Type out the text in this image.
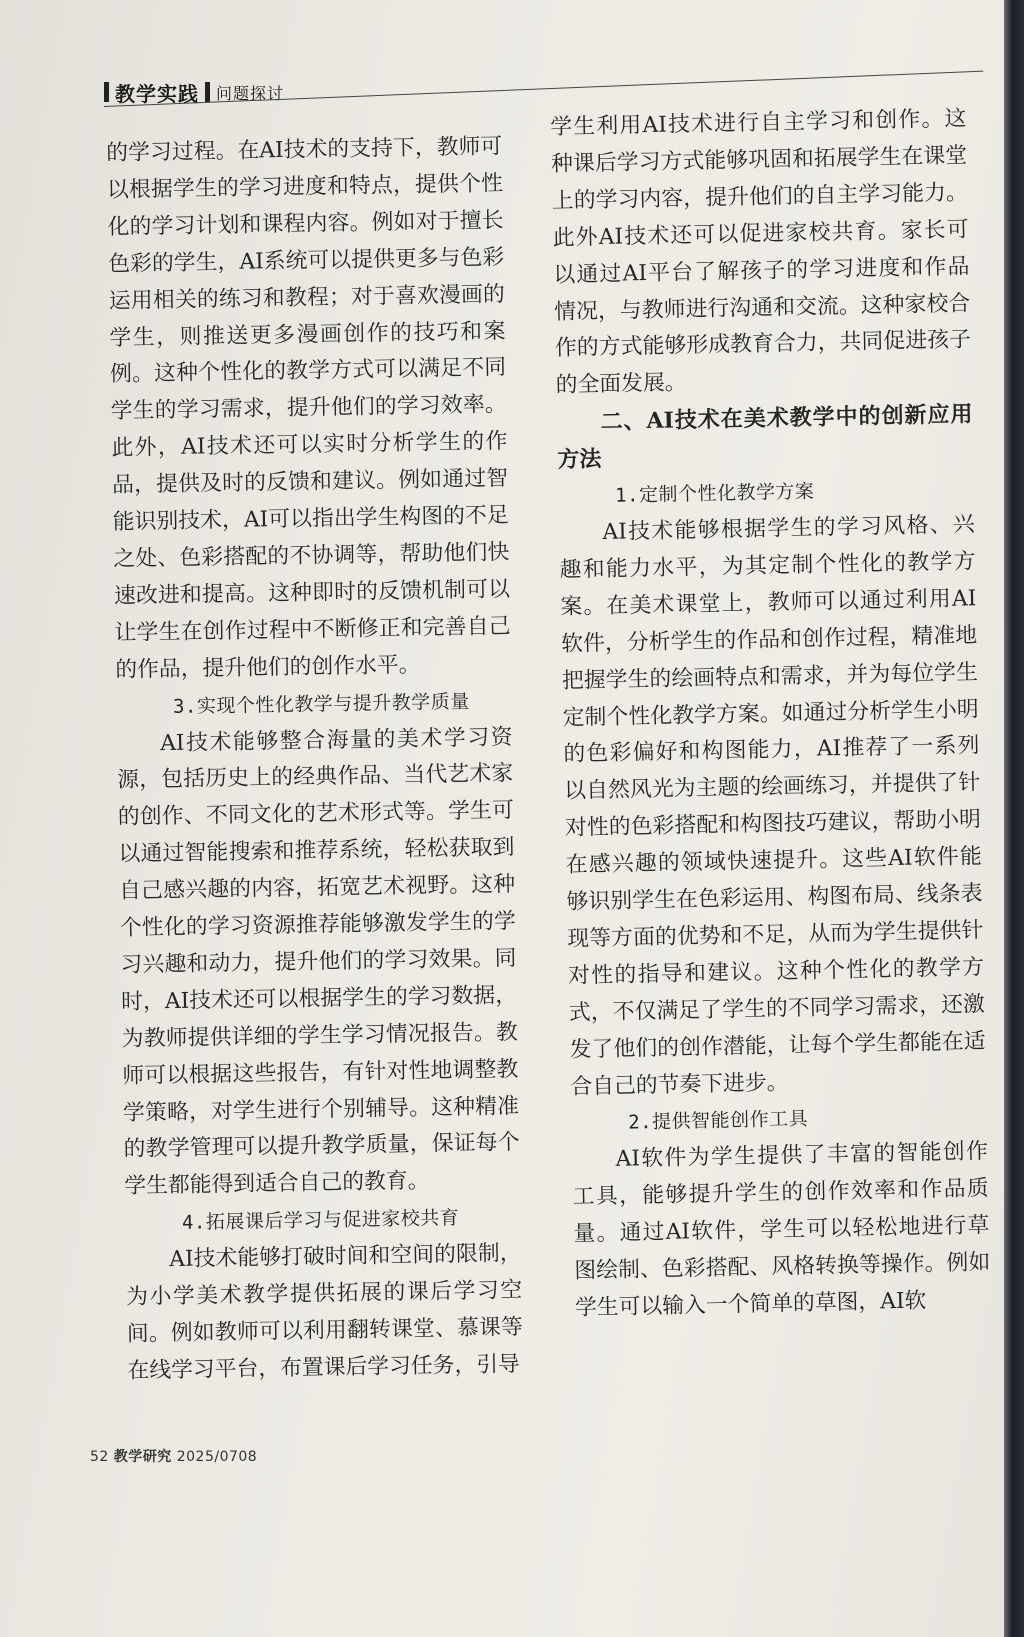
教学实践 问题探讨

的学习过程。在AI技术的支持下，教师可以根据学生的学习进度和特点，提供个性化的学习计划和课程内容。例如对于擅长色彩的学生，AI系统可以提供更多与色彩运用相关的练习和教程；对于喜欢漫画的学生，则推送更多漫画创作的技巧和案例。这种个性化的教学方式可以满足不同学生的学习需求，提升他们的学习效率。此外，AI技术还可以实时分析学生的作品，提供及时的反馈和建议。例如通过智能识别技术，AI可以指出学生构图的不足之处、色彩搭配的不协调等，帮助他们快速改进和提高。这种即时的反馈机制可以让学生在创作过程中不断修正和完善自己的作品，提升他们的创作水平。

3.实现个性化教学与提升教学质量

AI技术能够整合海量的美术学习资源，包括历史上的经典作品、当代艺术家的创作、不同文化的艺术形式等。学生可以通过智能搜索和推荐系统，轻松获取到自己感兴趣的内容，拓宽艺术视野。这种个性化的学习资源推荐能够激发学生的学习兴趣和动力，提升他们的学习效果。同时，AI技术还可以根据学生的学习数据，为教师提供详细的学生学习情况报告。教师可以根据这些报告，有针对性地调整教学策略，对学生进行个别辅导。这种精准的教学管理可以提升教学质量，保证每个学生都能得到适合自己的教育。

4.拓展课后学习与促进家校共育

AI技术能够打破时间和空间的限制，为小学美术教学提供拓展的课后学习空间。例如教师可以利用翻转课堂、慕课等在线学习平台，布置课后学习任务，引导

学生利用AI技术进行自主学习和创作。这种课后学习方式能够巩固和拓展学生在课堂上的学习内容，提升他们的自主学习能力。此外AI技术还可以促进家校共育。家长可以通过AI平台了解孩子的学习进度和作品情况，与教师进行沟通和交流。这种家校合作的方式能够形成教育合力，共同促进孩子的全面发展。

二、AI技术在美术教学中的创新应用方法

1.定制个性化教学方案

AI技术能够根据学生的学习风格、兴趣和能力水平，为其定制个性化的教学方案。在美术课堂上，教师可以通过利用AI软件，分析学生的作品和创作过程，精准地把握学生的绘画特点和需求，并为每位学生定制个性化教学方案。如通过分析学生小明的色彩偏好和构图能力，AI推荐了一系列以自然风光为主题的绘画练习，并提供了针对性的色彩搭配和构图技巧建议，帮助小明在感兴趣的领域快速提升。这些AI软件能够识别学生在色彩运用、构图布局、线条表现等方面的优势和不足，从而为学生提供针对性的指导和建议。这种个性化的教学方式，不仅满足了学生的不同学习需求，还激发了他们的创作潜能，让每个学生都能在适合自己的节奏下进步。

2.提供智能创作工具

AI软件为学生提供了丰富的智能创作工具，能够提升学生的创作效率和作品质量。通过AI软件，学生可以轻松地进行草图绘制、色彩搭配、风格转换等操作。例如学生可以输入一个简单的草图，AI软

52 教学研究 2025/0708
